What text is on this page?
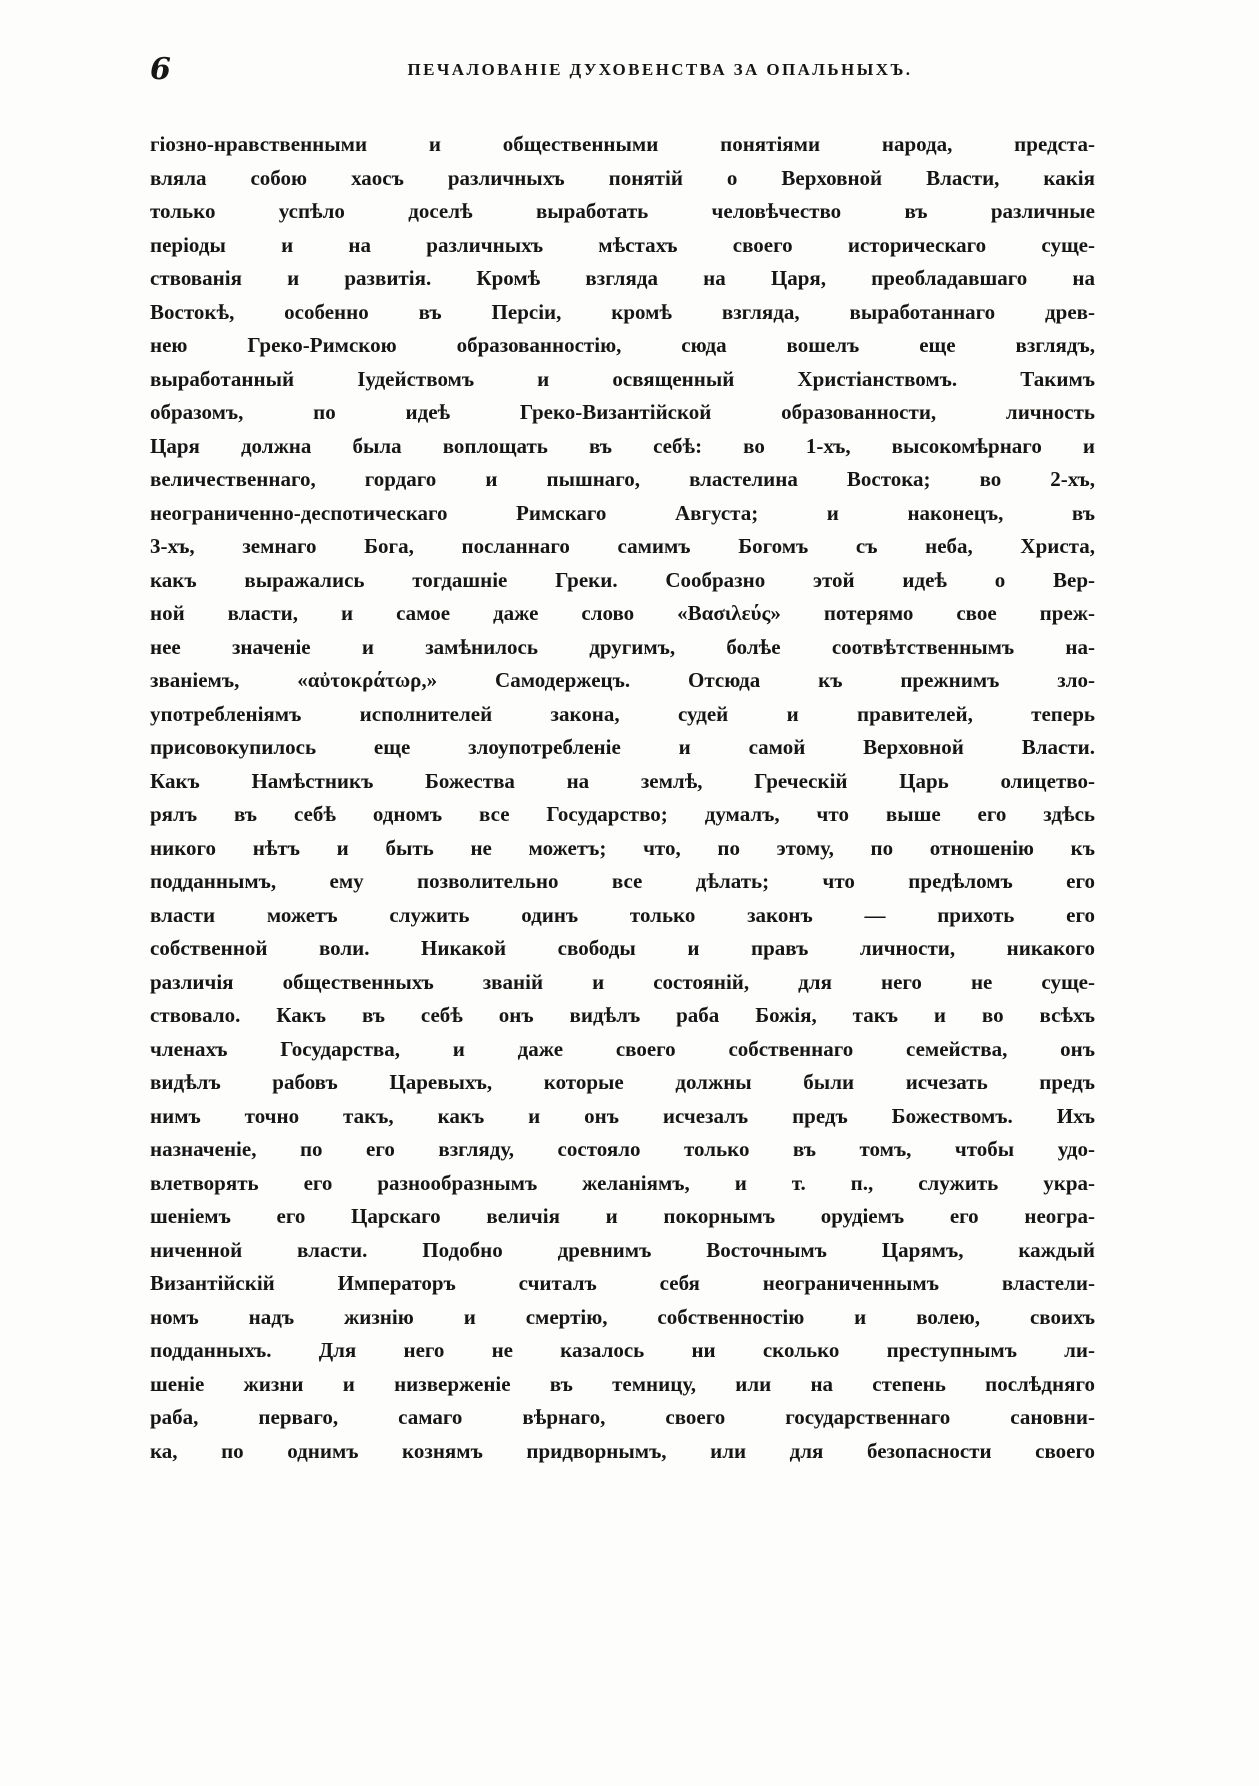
6	ПЕЧАЛОВАНІЕ ДУХОВЕНСТВА ЗА ОПАЛЬНЫХЪ.
гіозно-нравственными и общественными понятіями народа, предста-
вляла собою хаосъ различныхъ понятій о Верховной Власти, какія
только успѣло доселѣ выработать человѣчество въ различные
періоды и на различныхъ мѣстахъ своего историческаго суще-
ствованія и развитія. Кромѣ взгляда на Царя, преобладавшаго на
Востокѣ, особенно въ Персіи, кромѣ взгляда, выработаннаго древ-
нею Греко-Римскою образованностію, сюда вошелъ еще взглядъ,
выработанный Іудействомъ и освященный Христіанствомъ. Такимъ
образомъ, по идеѣ Греко-Византійской образованности, личность
Царя должна была воплощать въ себѣ: во 1-хъ, высокомѣрнаго и
величественнаго, гордаго и пышнаго, властелина Востока; во 2-хъ,
неограниченно-деспотическаго Римскаго Августа; и наконецъ, въ
3-хъ, земнаго Бога, посланнаго самимъ Богомъ съ неба, Христа,
какъ выражались тогдашніе Греки. Сообразно этой идеѣ о Вер-
ной власти, и самое даже слово «Βασιλεύς» потерямо свое преж-
нее значеніе и замѣнилось другимъ, болѣе соотвѣтственнымъ на-
званіемъ, «αὐτοκράτωρ,» Самодержецъ. Отсюда къ прежнимъ зло-
употребленіямъ исполнителей закона, судей и правителей, теперь
присовокупилось еще злоупотребленіе и самой Верховной Власти.
Какъ Намѣстникъ Божества на землѣ, Греческій Царь олицетво-
рялъ въ себѣ одномъ все Государство; думалъ, что выше его здѣсь
никого нѣтъ и быть не можетъ; что, по этому, по отношенію къ
подданнымъ, ему позволительно все дѣлать; что предѣломъ его
власти можетъ служить одинъ только законъ — прихоть его
собственной воли. Никакой свободы и правъ личности, никакого
различія общественныхъ званій и состояній, для него не суще-
ствовало. Какъ въ себѣ онъ видѣлъ раба Божія, такъ и во всѣхъ
членахъ Государства, и даже своего собственнаго семейства, онъ
видѣлъ рабовъ Царевыхъ, которые должны были исчезать предъ
нимъ точно такъ, какъ и онъ исчезалъ предъ Божествомъ. Ихъ
назначеніе, по его взгляду, состояло только въ томъ, чтобы удо-
влетворять его разнообразнымъ желаніямъ, и т. п., служить укра-
шеніемъ его Царскаго величія и покорнымъ орудіемъ его неогра-
ниченной власти. Подобно древнимъ Восточнымъ Царямъ, каждый
Византійскій Императоръ считалъ себя неограниченнымъ властели-
номъ надъ жизнію и смертію, собственностію и волею, своихъ
подданныхъ. Для него не казалось ни сколько преступнымъ ли-
шеніе жизни и низверженіе въ темницу, или на степень послѣдняго
раба, перваго, самаго вѣрнаго, своего государственнаго сановни-
ка, по однимъ кознямъ придворнымъ, или для безопасности своего
